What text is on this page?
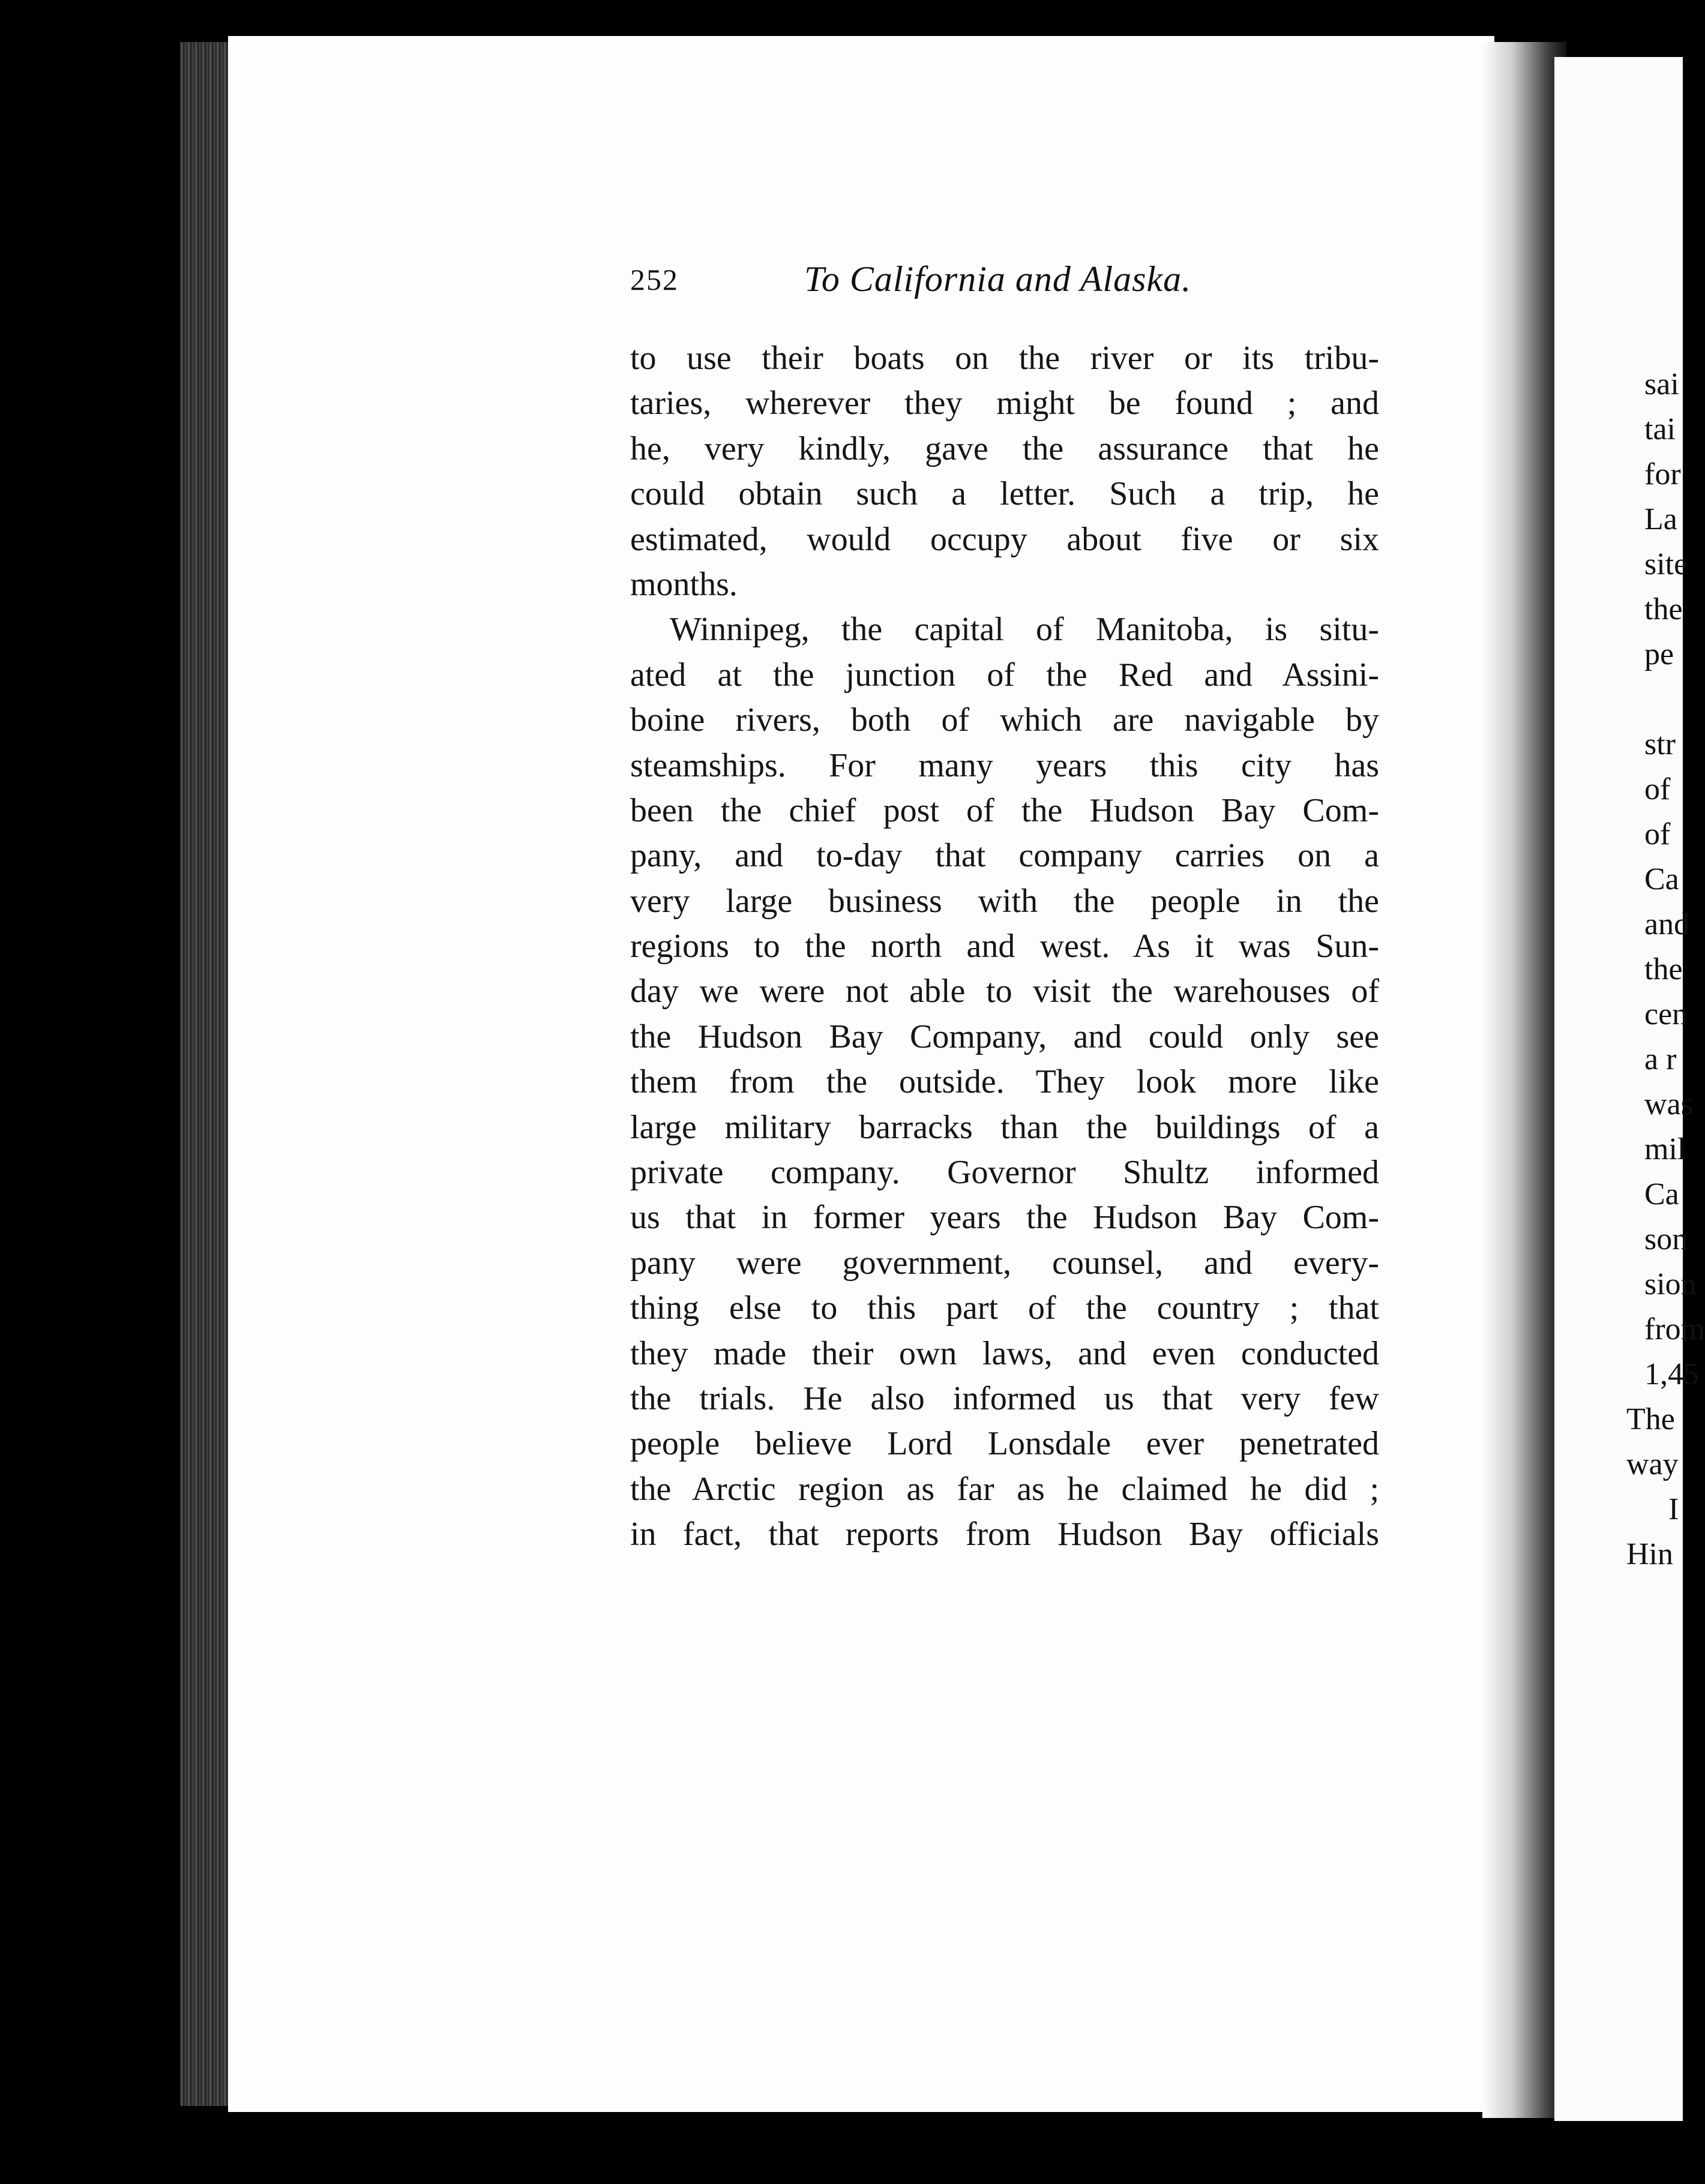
sai
tai
for
La
site
the
pe
str
of
of
Ca
and
the
cen
a r
was
mil
Ca
son
sion
from
1,45
The
way
I
Hin
252	To California and Alaska.
to use their boats on the river or its tribu-
taries, wherever they might be found ; and
he, very kindly, gave the assurance that he
could obtain such a letter. Such a trip, he
estimated, would occupy about five or six
months.
Winnipeg, the capital of Manitoba, is situ-
ated at the junction of the Red and Assini-
boine rivers, both of which are navigable by
steamships. For many years this city has
been the chief post of the Hudson Bay Com-
pany, and to-day that company carries on a
very large business with the people in the
regions to the north and west. As it was Sun-
day we were not able to visit the warehouses of
the Hudson Bay Company, and could only see
them from the outside. They look more like
large military barracks than the buildings of a
private company. Governor Shultz informed
us that in former years the Hudson Bay Com-
pany were government, counsel, and every-
thing else to this part of the country ; that
they made their own laws, and even conducted
the trials. He also informed us that very few
people believe Lord Lonsdale ever penetrated
the Arctic region as far as he claimed he did ;
in fact, that reports from Hudson Bay officials
